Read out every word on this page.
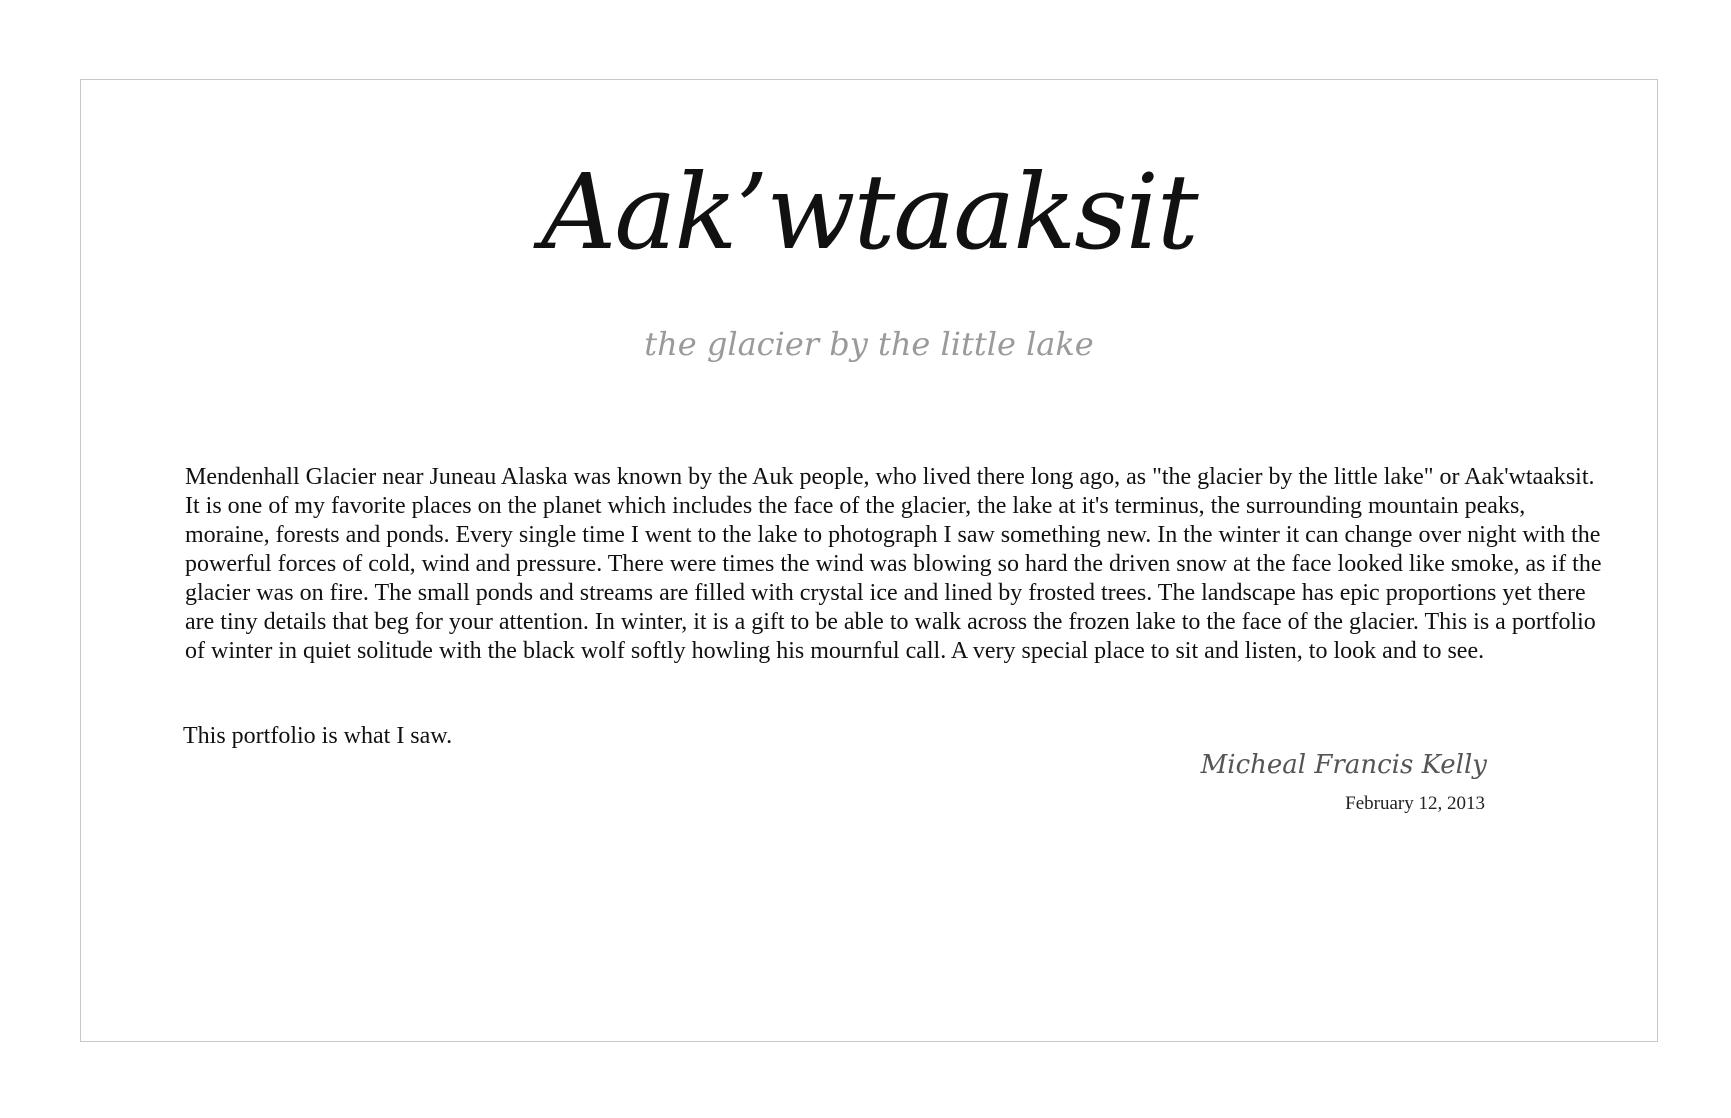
Aak’wtaaksit
the glacier by the little lake

Mendenhall Glacier near Juneau Alaska was known by the Auk people, who lived there long ago, as "the glacier by the little lake" or Aak'wtaaksit. It is one of my favorite places on the planet which includes the face of the glacier, the lake at it's terminus, the surrounding mountain peaks, moraine, forests and ponds. Every single time I went to the lake to photograph I saw something new. In the winter it can change over night with the powerful forces of cold, wind and pressure. There were times the wind was blowing so hard the driven snow at the face looked like smoke, as if the glacier was on fire. The small ponds and streams are filled with crystal ice and lined by frosted trees. The landscape has epic proportions yet there are tiny details that beg for your attention. In winter, it is a gift to be able to walk across the frozen lake to the face of the glacier. This is a portfolio of winter in quiet solitude with the black wolf softly howling his mournful call. A very special place to sit and listen, to look and to see.

This portfolio is what I saw.

Micheal Francis Kelly
February 12, 2013
